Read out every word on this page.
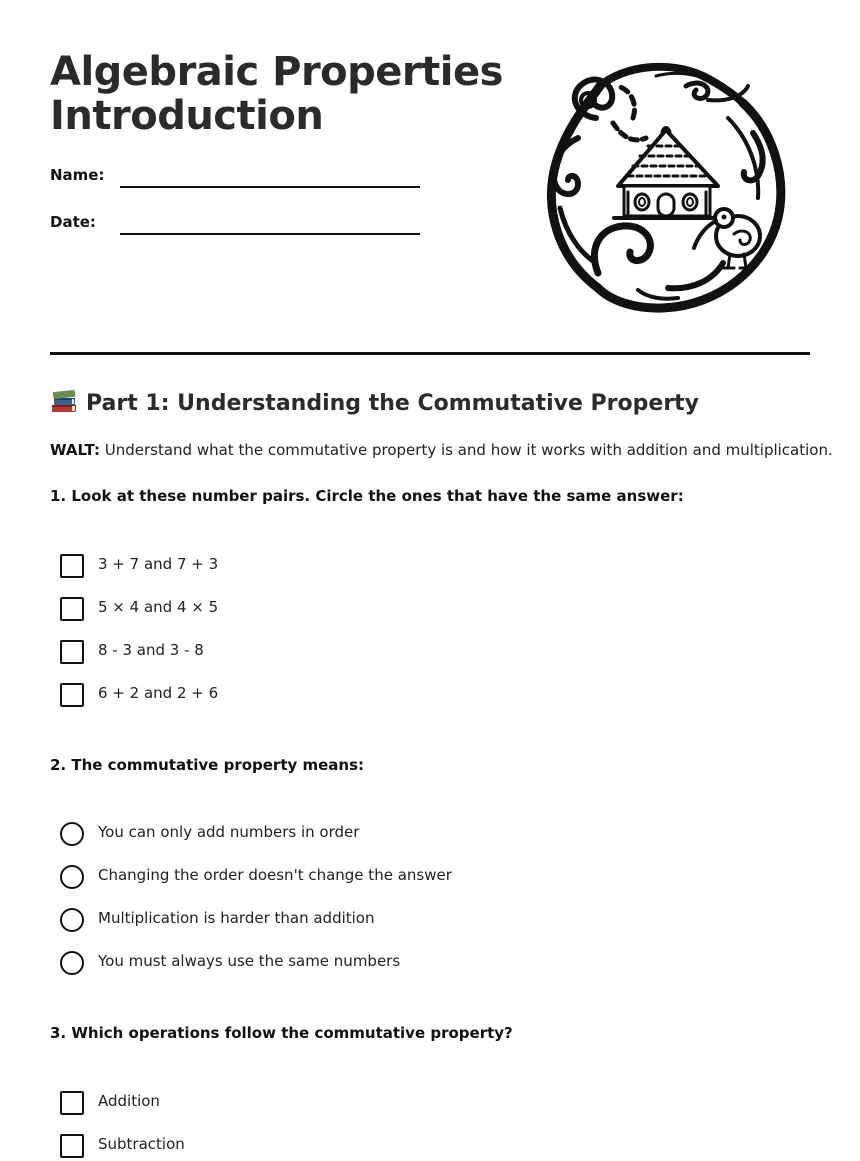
Algebraic Properties
Introduction
Name:
Date:
Part 1: Understanding the Commutative Property
WALT: Understand what the commutative property is and how it works with addition and multiplication.
1. Look at these number pairs. Circle the ones that have the same answer:
3 + 7 and 7 + 3
5 × 4 and 4 × 5
8 - 3 and 3 - 8
6 + 2 and 2 + 6
2. The commutative property means:
You can only add numbers in order
Changing the order doesn't change the answer
Multiplication is harder than addition
You must always use the same numbers
3. Which operations follow the commutative property?
Addition
Subtraction
